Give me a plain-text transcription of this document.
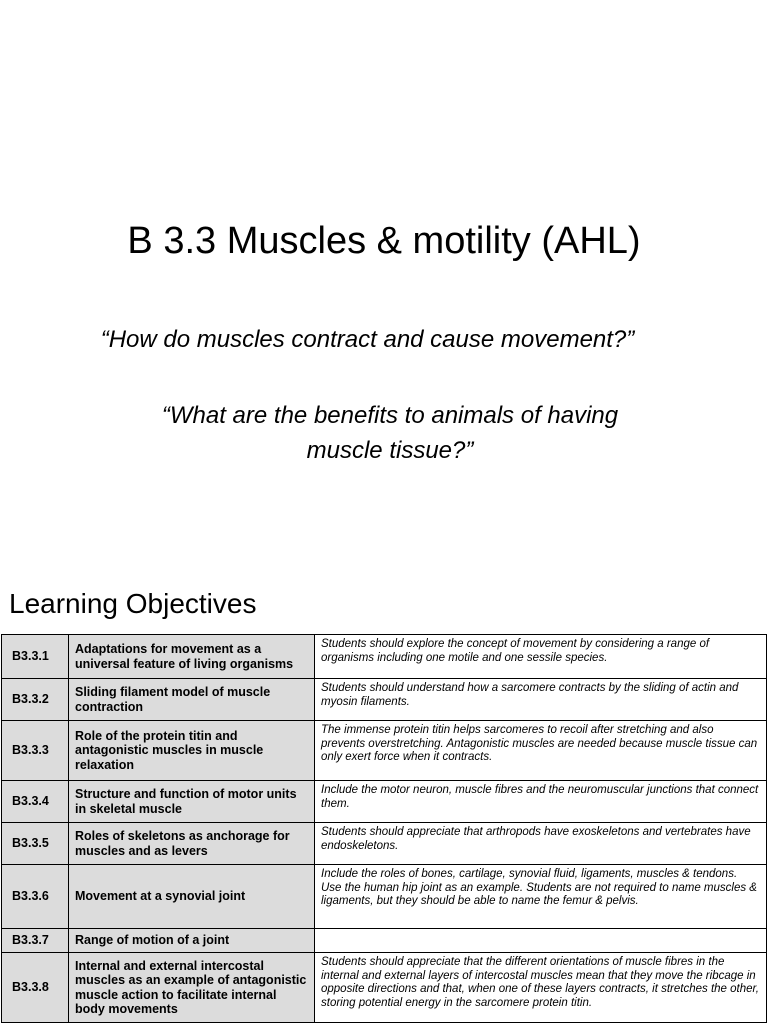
B 3.3 Muscles & motility (AHL)
“How do muscles contract and cause movement?”
“What are the benefits to animals of having muscle tissue?”
Learning Objectives
B3.3.1	Adaptations for movement as a universal feature of living organisms	Students should explore the concept of movement by considering a range of organisms including one motile and one sessile species.
B3.3.2	Sliding filament model of muscle contraction	Students should understand how a sarcomere contracts by the sliding of actin and myosin filaments.
B3.3.3	Role of the protein titin and antagonistic muscles in muscle relaxation	The immense protein titin helps sarcomeres to recoil after stretching and also prevents overstretching. Antagonistic muscles are needed because muscle tissue can only exert force when it contracts.
B3.3.4	Structure and function of motor units in skeletal muscle	Include the motor neuron, muscle fibres and the neuromuscular junctions that connect them.
B3.3.5	Roles of skeletons as anchorage for muscles and as levers	Students should appreciate that arthropods have exoskeletons and vertebrates have endoskeletons.
B3.3.6	Movement at a synovial joint	Include the roles of bones, cartilage, synovial fluid, ligaments, muscles & tendons. Use the human hip joint as an example. Students are not required to name muscles & ligaments, but they should be able to name the femur & pelvis.
B3.3.7	Range of motion of a joint	
B3.3.8	Internal and external intercostal muscles as an example of antagonistic muscle action to facilitate internal body movements	Students should appreciate that the different orientations of muscle fibres in the internal and external layers of intercostal muscles mean that they move the ribcage in opposite directions and that, when one of these layers contracts, it stretches the other, storing potential energy in the sarcomere protein titin.
